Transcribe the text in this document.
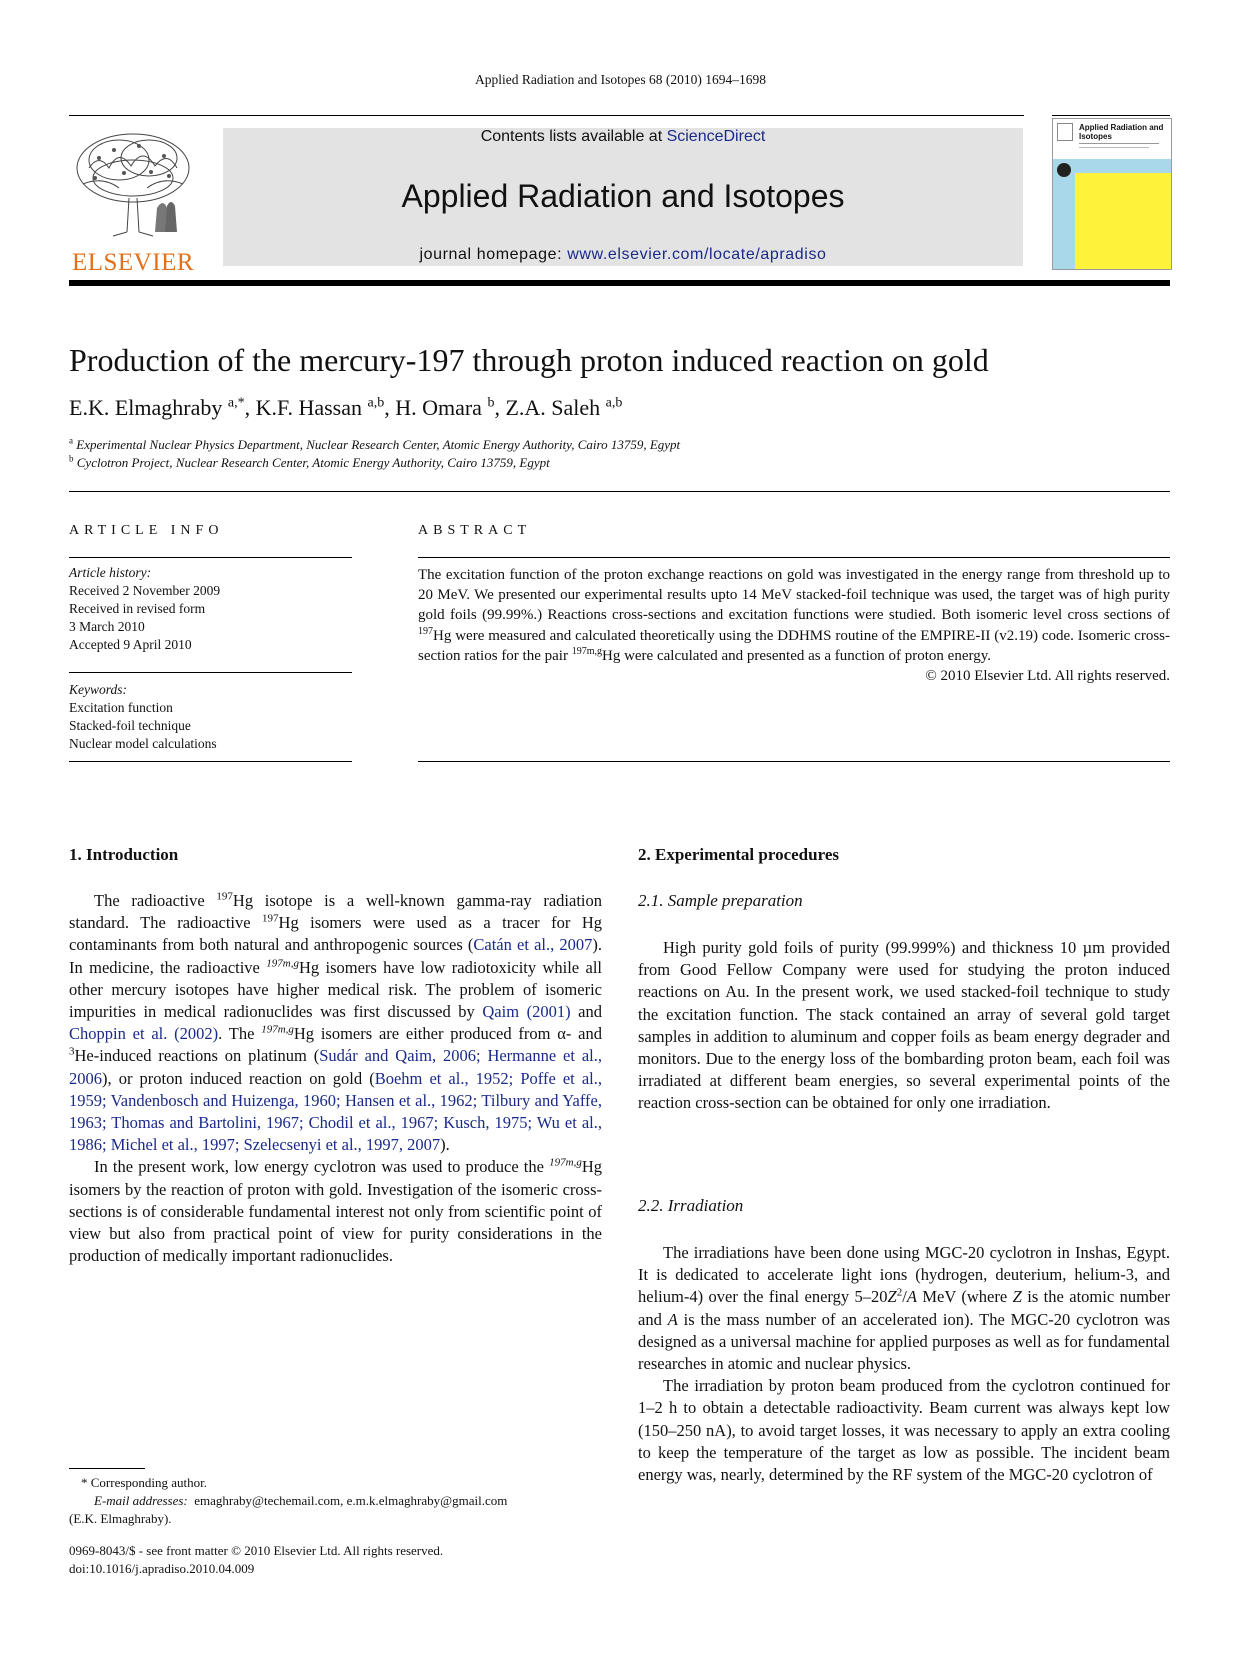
Applied Radiation and Isotopes 68 (2010) 1694–1698
ELSEVIER
Contents lists available at ScienceDirect
Applied Radiation and Isotopes
journal homepage: www.elsevier.com/locate/apradiso
Applied Radiation and Isotopes
Production of the mercury-197 through proton induced reaction on gold
E.K. Elmaghraby $^{a,*}$, K.F. Hassan $^{a,b}$, H. Omara $^b$, Z.A. Saleh $^{a,b}$
$^a$ Experimental Nuclear Physics Department, Nuclear Research Center, Atomic Energy Authority, Cairo 13759, Egypt
$^b$ Cyclotron Project, Nuclear Research Center, Atomic Energy Authority, Cairo 13759, Egypt
ARTICLE INFO
Article history:
Received 2 November 2009
Received in revised form
3 March 2010
Accepted 9 April 2010
Keywords:
Excitation function
Stacked-foil technique
Nuclear model calculations
ABSTRACT
The excitation function of the proton exchange reactions on gold was investigated in the energy range from threshold up to 20 MeV. We presented our experimental results upto 14 MeV stacked-foil technique was used, the target was of high purity gold foils (99.99%.) Reactions cross-sections and excitation functions were studied. Both isomeric level cross sections of $^{197}$Hg were measured and calculated theoretically using the DDHMS routine of the EMPIRE-II (v2.19) code. Isomeric cross-section ratios for the pair $^{197m,g}$Hg were calculated and presented as a function of proton energy.
© 2010 Elsevier Ltd. All rights reserved.
1. Introduction

The radioactive $^{197}$Hg isotope is a well-known gamma-ray radiation standard. The radioactive $^{197}$Hg isomers were used as a tracer for Hg contaminants from both natural and anthropogenic sources (Catán et al., 2007). In medicine, the radioactive $^{197m,g}$Hg isomers have low radiotoxicity while all other mercury isotopes have higher medical risk. The problem of isomeric impurities in medical radionuclides was first discussed by Qaim (2001) and Choppin et al. (2002). The $^{197m,g}$Hg isomers are either produced from α- and $^3$He-induced reactions on platinum (Sudár and Qaim, 2006; Hermanne et al., 2006), or proton induced reaction on gold (Boehm et al., 1952; Poffe et al., 1959; Vandenbosch and Huizenga, 1960; Hansen et al., 1962; Tilbury and Yaffe, 1963; Thomas and Bartolini, 1967; Chodil et al., 1967; Kusch, 1975; Wu et al., 1986; Michel et al., 1997; Szelecsenyi et al., 1997, 2007).

In the present work, low energy cyclotron was used to produce the $^{197m,g}$Hg isomers by the reaction of proton with gold. Investigation of the isomeric cross-sections is of considerable fundamental interest not only from scientific point of view but also from practical point of view for purity considerations in the production of medically important radionuclides.

2. Experimental procedures
2.1. Sample preparation

High purity gold foils of purity (99.999%) and thickness 10 µm provided from Good Fellow Company were used for studying the proton induced reactions on Au. In the present work, we used stacked-foil technique to study the excitation function. The stack contained an array of several gold target samples in addition to aluminum and copper foils as beam energy degrader and monitors. Due to the energy loss of the bombarding proton beam, each foil was irradiated at different beam energies, so several experimental points of the reaction cross-section can be obtained for only one irradiation.

2.2. Irradiation

The irradiations have been done using MGC-20 cyclotron in Inshas, Egypt. It is dedicated to accelerate light ions (hydrogen, deuterium, helium-3, and helium-4) over the final energy $5-20Z^2/A$ MeV (where Z is the atomic number and A is the mass number of an accelerated ion). The MGC-20 cyclotron was designed as a universal machine for applied purposes as well as for fundamental researches in atomic and nuclear physics.

The irradiation by proton beam produced from the cyclotron continued for 1–2 h to obtain a detectable radioactivity. Beam current was always kept low (150–250 nA), to avoid target losses, it was necessary to apply an extra cooling to keep the temperature of the target as low as possible. The incident beam energy was, nearly, determined by the RF system of the MGC-20 cyclotron of

* Corresponding author.
E-mail addresses: emaghraby@techemail.com, e.m.k.elmaghraby@gmail.com
(E.K. Elmaghraby).
0969-8043/$ - see front matter © 2010 Elsevier Ltd. All rights reserved.
doi:10.1016/j.apradiso.2010.04.009
